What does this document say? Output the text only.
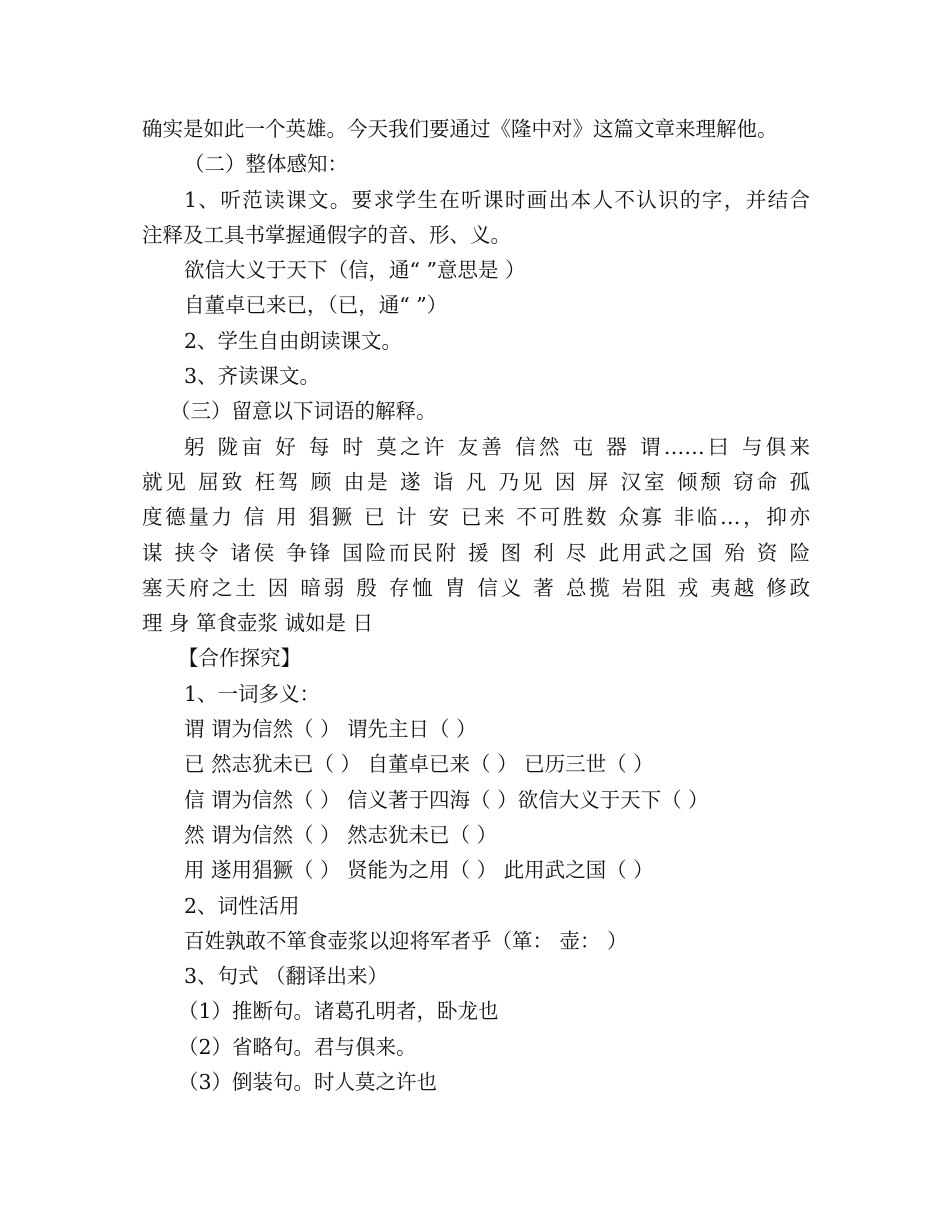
确实是如此一个英雄。今天我们要通过《隆中对》这篇文章来理解他。
（二）整体感知：
1、听范读课文。要求学生在听课时画出本人不认识的字，并结合
注释及工具书掌握通假字的音、形、义。
欲信大义于天下（信，通“ ”意思是 ）
自董卓已来已，（已，通“ ”）
2、学生自由朗读课文。
3、齐读课文。
（三）留意以下词语的解释。
躬 陇亩 好 每 时 莫之许 友善 信然 屯 器 谓……曰 与俱来
就见 屈致 枉驾 顾 由是 遂 诣 凡 乃见 因 屏 汉室 倾颓 窃命 孤
度德量力 信 用 猖獗 已 计 安 已来 不可胜数 众寡 非临…，抑亦
谋 挟令 诸侯 争锋 国险而民附 援 图 利 尽 此用武之国 殆 资 险
塞天府之土 因 暗弱 殷 存恤 胄 信义 著 总揽 岩阻 戎 夷越 修政
理 身 箪食壶浆 诚如是 日
【合作探究】
1、一词多义：
谓 谓为信然（ ） 谓先主日（ ）
已 然志犹未已（ ） 自董卓已来（ ） 已历三世（ ）
信 谓为信然（ ） 信义著于四海（ ）欲信大义于天下（ ）
然 谓为信然（ ） 然志犹未已（ ）
用 遂用猖獗（ ） 贤能为之用（ ） 此用武之国（ ）
2、词性活用
百姓孰敢不箪食壶浆以迎将军者乎（箪： 壶： ）
3、句式 （翻译出来）
（1）推断句。诸葛孔明者，卧龙也
（2）省略句。君与俱来。
（3）倒装句。时人莫之许也
